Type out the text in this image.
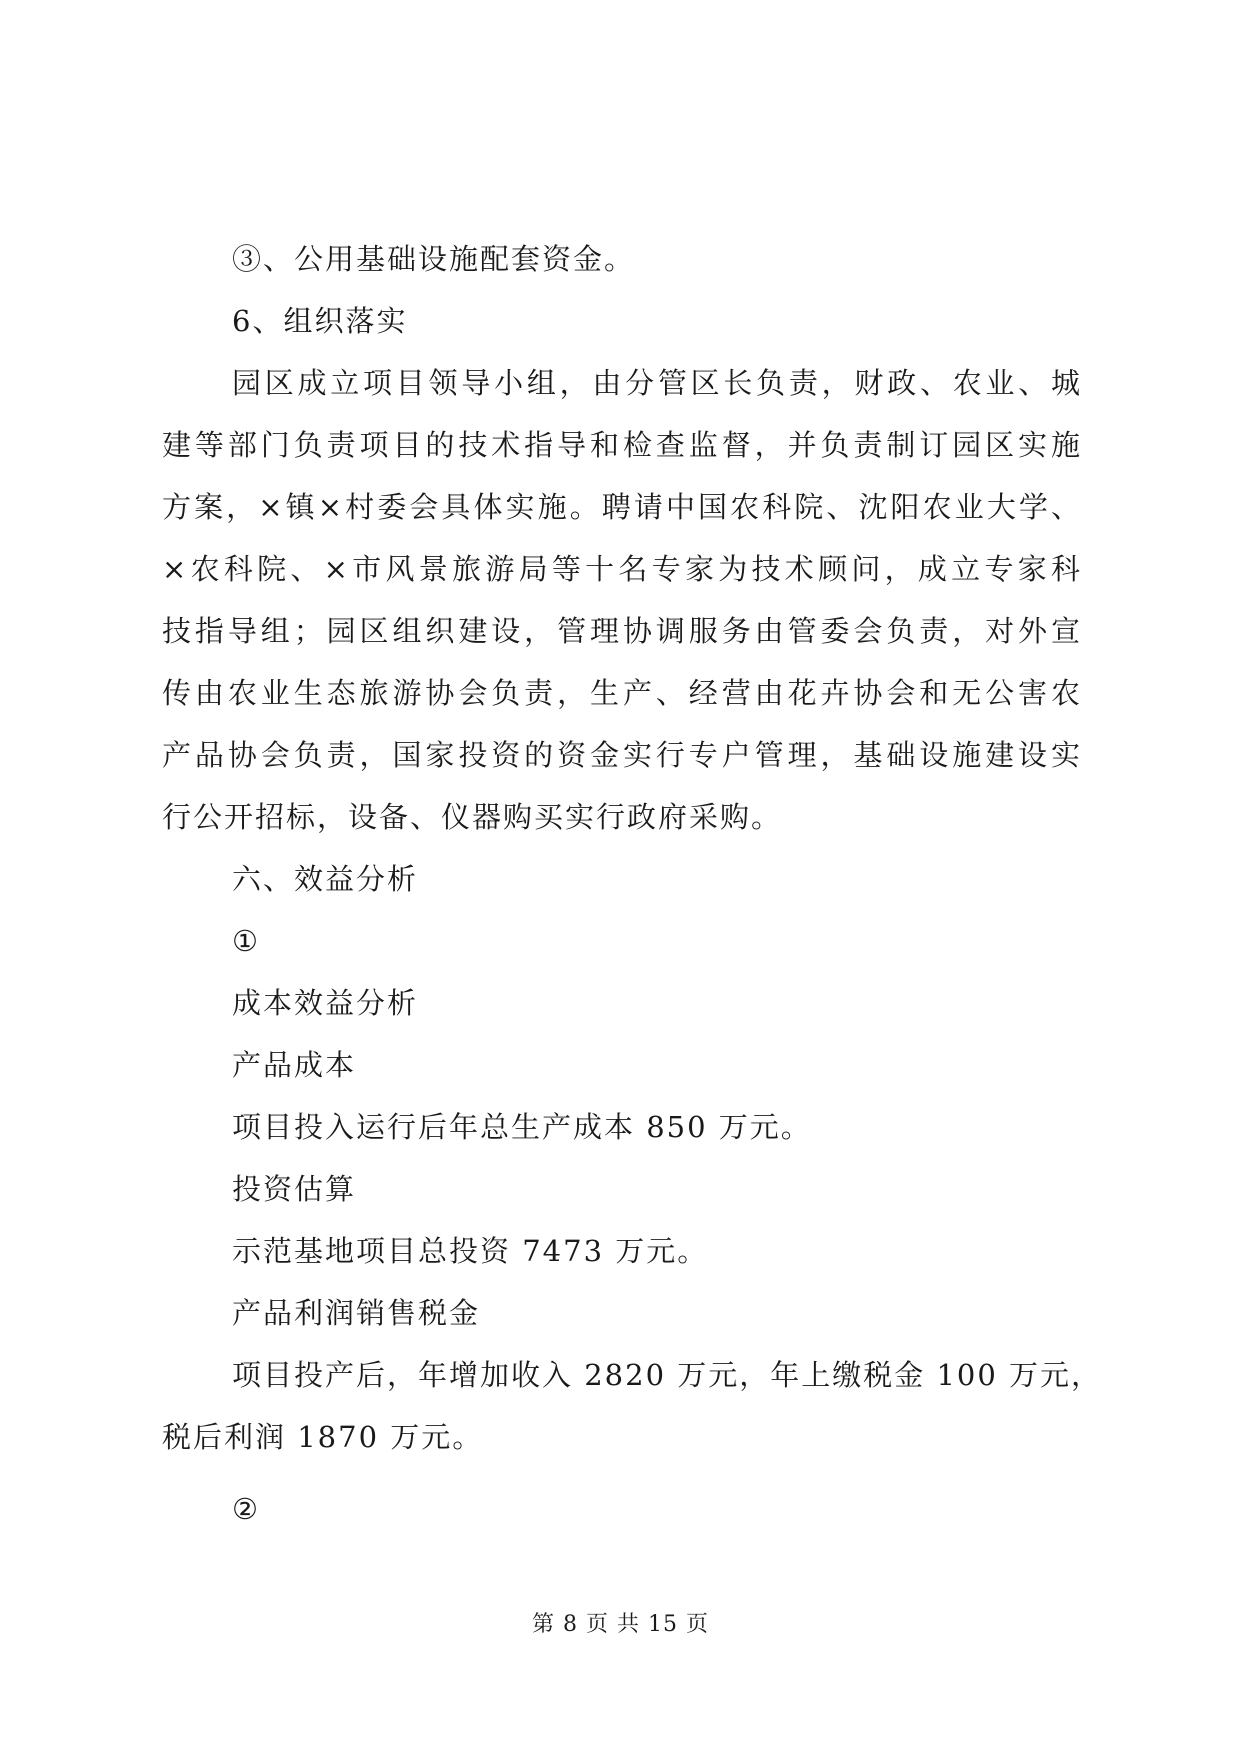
③、公用基础设施配套资金。
6、组织落实
园区成立项目领导小组，由分管区长负责，财政、农业、城
建等部门负责项目的技术指导和检查监督，并负责制订园区实施
方案，×镇×村委会具体实施。聘请中国农科院、沈阳农业大学、
×农科院、×市风景旅游局等十名专家为技术顾问，成立专家科
技指导组；园区组织建设，管理协调服务由管委会负责，对外宣
传由农业生态旅游协会负责，生产、经营由花卉协会和无公害农
产品协会负责，国家投资的资金实行专户管理，基础设施建设实
行公开招标，设备、仪器购买实行政府采购。
六、效益分析
①
成本效益分析
产品成本
项目投入运行后年总生产成本 850 万元。
投资估算
示范基地项目总投资 7473 万元。
产品利润销售税金
项目投产后，年增加收入 2820 万元，年上缴税金 100 万元，
税后利润 1870 万元。
②
第 8 页 共 15 页
